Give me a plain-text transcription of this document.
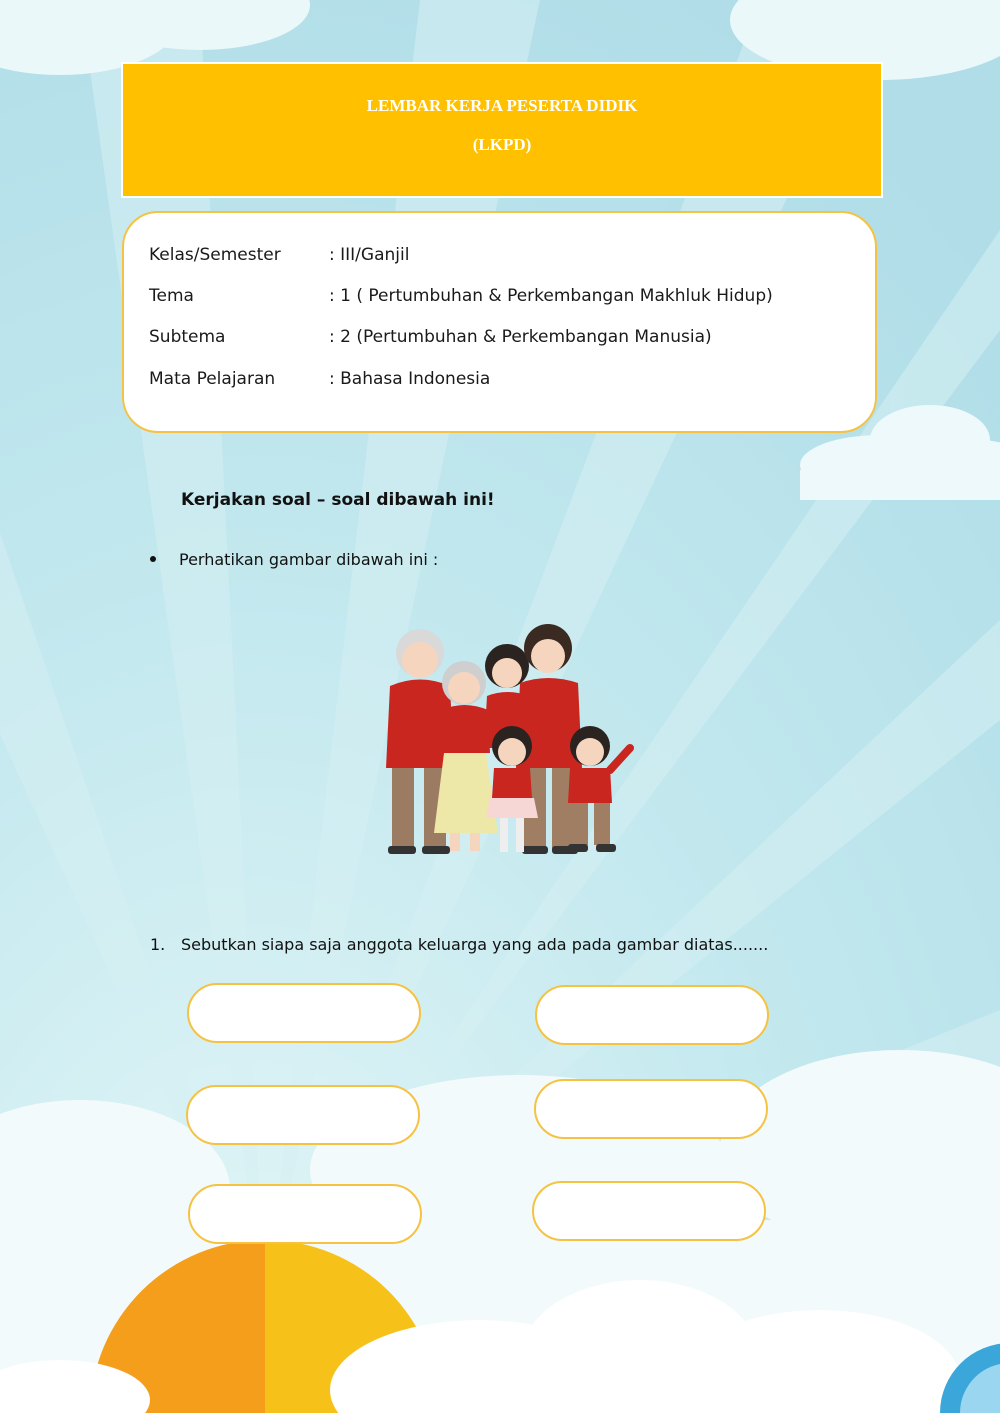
LEMBAR KERJA PESERTA DIDIK
(LKPD)
Kelas/Semester	: III/Ganjil
Tema	: 1 ( Pertumbuhan & Perkembangan Makhluk Hidup)
Subtema	: 2 (Pertumbuhan & Perkembangan Manusia)
Mata Pelajaran	: Bahasa Indonesia
Kerjakan soal – soal dibawah ini!
Perhatikan gambar dibawah ini :
1. Sebutkan siapa saja anggota keluarga yang ada pada gambar diatas.......
